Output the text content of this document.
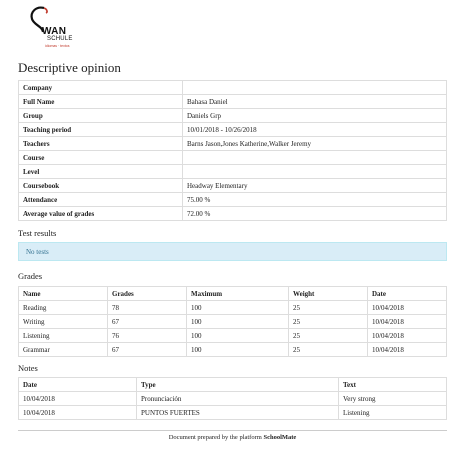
WAN
SCHULE
idiomas · textos
Descriptive opinion
Company	
Full Name	Bahasa Daniel
Group	Daniels Grp
Teaching period	10/01/2018 - 10/26/2018
Teachers	Barns Jason,Jones Katherine,Walker Jeremy
Course	
Level	
Coursebook	Headway Elementary
Attendance	75.00 %
Average value of grades	72.00 %
Test results
No tests
Grades
Name	Grades	Maximum	Weight	Date
Reading	78	100	25	10/04/2018
Writing	67	100	25	10/04/2018
Listening	76	100	25	10/04/2018
Grammar	67	100	25	10/04/2018
Notes
Date	Type	Text
10/04/2018	Pronunciación	Very strong
10/04/2018	PUNTOS FUERTES	Listening
Document prepared by the platform SchoolMate
